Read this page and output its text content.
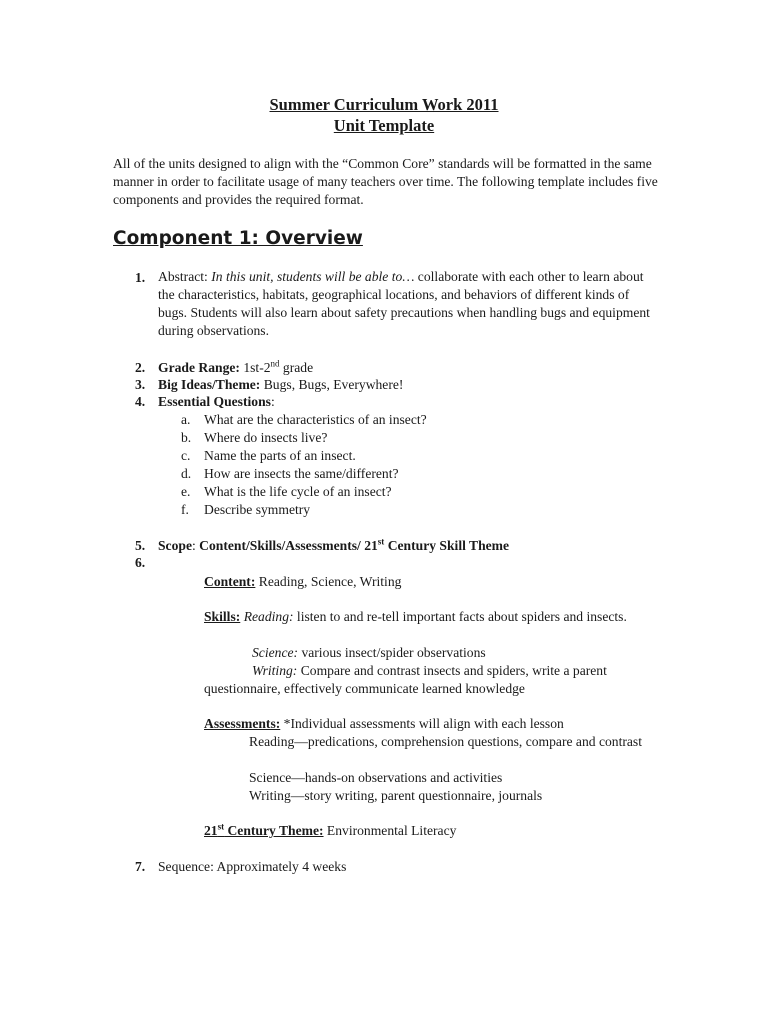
Summer Curriculum Work 2011
Unit Template
All of the units designed to align with the “Common Core” standards will be formatted in the same manner in order to facilitate usage of many teachers over time. The following template includes five components and provides the required format.
Component 1: Overview
1. Abstract: In this unit, students will be able to… collaborate with each other to learn about the characteristics, habitats, geographical locations, and behaviors of different kinds of bugs. Students will also learn about safety precautions when handling bugs and equipment during observations.
2. Grade Range: 1st-2nd grade
3. Big Ideas/Theme: Bugs, Bugs, Everywhere!
4. Essential Questions:
a. What are the characteristics of an insect?
b. Where do insects live?
c. Name the parts of an insect.
d. How are insects the same/different?
e. What is the life cycle of an insect?
f. Describe symmetry
5. Scope: Content/Skills/Assessments/ 21st Century Skill Theme
6.
Content: Reading, Science, Writing
Skills: Reading: listen to and re-tell important facts about spiders and insects.
Science: various insect/spider observations
Writing: Compare and contrast insects and spiders, write a parent questionnaire, effectively communicate learned knowledge
Assessments: *Individual assessments will align with each lesson
Reading—predications, comprehension questions, compare and contrast
Science—hands-on observations and activities
Writing—story writing, parent questionnaire, journals
21st Century Theme: Environmental Literacy
7. Sequence: Approximately 4 weeks
